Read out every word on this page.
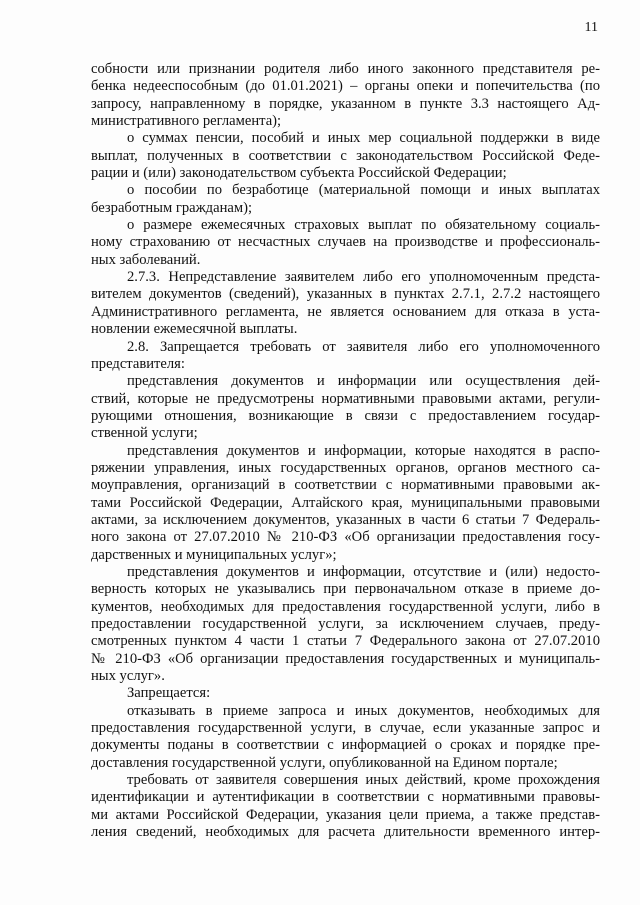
11
собности или признании родителя либо иного законного представителя ре-
бенка недееспособным (до 01.01.2021) – органы опеки и попечительства (по
запросу, направленному в порядке, указанном в пункте 3.3 настоящего Ад-
министративного регламента);
о суммах пенсии, пособий и иных мер социальной поддержки в виде
выплат, полученных в соответствии с законодательством Российской Феде-
рации и (или) законодательством субъекта Российской Федерации;
о пособии по безработице (материальной помощи и иных выплатах
безработным гражданам);
о размере ежемесячных страховых выплат по обязательному социаль-
ному страхованию от несчастных случаев на производстве и профессиональ-
ных заболеваний.
2.7.3. Непредставление заявителем либо его уполномоченным предста-
вителем документов (сведений), указанных в пунктах 2.7.1, 2.7.2 настоящего
Административного регламента, не является основанием для отказа в уста-
новлении ежемесячной выплаты.
2.8. Запрещается требовать от заявителя либо его уполномоченного
представителя:
представления документов и информации или осуществления дей-
ствий, которые не предусмотрены нормативными правовыми актами, регули-
рующими отношения, возникающие в связи с предоставлением государ-
ственной услуги;
представления документов и информации, которые находятся в распо-
ряжении управления, иных государственных органов, органов местного са-
моуправления, организаций в соответствии с нормативными правовыми ак-
тами Российской Федерации, Алтайского края, муниципальными правовыми
актами, за исключением документов, указанных в части 6 статьи 7 Федераль-
ного закона от 27.07.2010 № 210-ФЗ «Об организации предоставления госу-
дарственных и муниципальных услуг»;
представления документов и информации, отсутствие и (или) недосто-
верность которых не указывались при первоначальном отказе в приеме до-
кументов, необходимых для предоставления государственной услуги, либо в
предоставлении государственной услуги, за исключением случаев, преду-
смотренных пунктом 4 части 1 статьи 7 Федерального закона от 27.07.2010
№ 210-ФЗ «Об организации предоставления государственных и муниципаль-
ных услуг».
Запрещается:
отказывать в приеме запроса и иных документов, необходимых для
предоставления государственной услуги, в случае, если указанные запрос и
документы поданы в соответствии с информацией о сроках и порядке пре-
доставления государственной услуги, опубликованной на Едином портале;
требовать от заявителя совершения иных действий, кроме прохождения
идентификации и аутентификации в соответствии с нормативными правовы-
ми актами Российской Федерации, указания цели приема, а также представ-
ления сведений, необходимых для расчета длительности временного интер-
